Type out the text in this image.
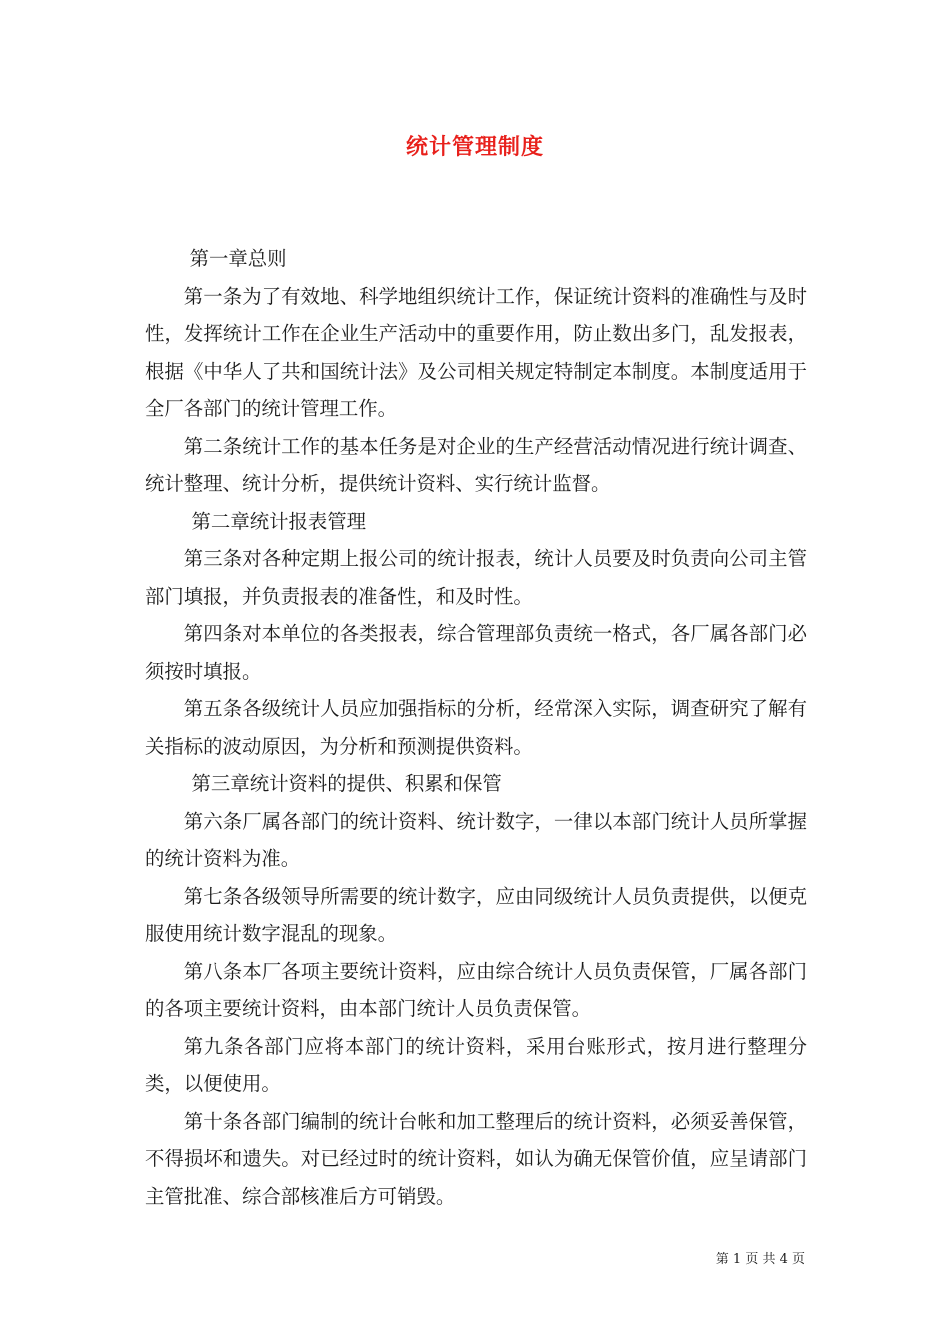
统计管理制度

第一章总则

第一条为了有效地、科学地组织统计工作，保证统计资料的准确性与及时性，发挥统计工作在企业生产活动中的重要作用，防止数出多门，乱发报表，根据《中华人了共和国统计法》及公司相关规定特制定本制度。本制度适用于全厂各部门的统计管理工作。

第二条统计工作的基本任务是对企业的生产经营活动情况进行统计调查、统计整理、统计分析，提供统计资料、实行统计监督。

第二章统计报表管理

第三条对各种定期上报公司的统计报表，统计人员要及时负责向公司主管部门填报，并负责报表的准备性，和及时性。

第四条对本单位的各类报表，综合管理部负责统一格式，各厂属各部门必须按时填报。

第五条各级统计人员应加强指标的分析，经常深入实际，调查研究了解有关指标的波动原因，为分析和预测提供资料。

第三章统计资料的提供、积累和保管

第六条厂属各部门的统计资料、统计数字，一律以本部门统计人员所掌握的统计资料为准。

第七条各级领导所需要的统计数字，应由同级统计人员负责提供，以便克服使用统计数字混乱的现象。

第八条本厂各项主要统计资料，应由综合统计人员负责保管，厂属各部门的各项主要统计资料，由本部门统计人员负责保管。

第九条各部门应将本部门的统计资料，采用台账形式，按月进行整理分类，以便使用。

第十条各部门编制的统计台帐和加工整理后的统计资料，必须妥善保管，不得损坏和遗失。对已经过时的统计资料，如认为确无保管价值，应呈请部门主管批准、综合部核准后方可销毁。

第 1 页 共 4 页
